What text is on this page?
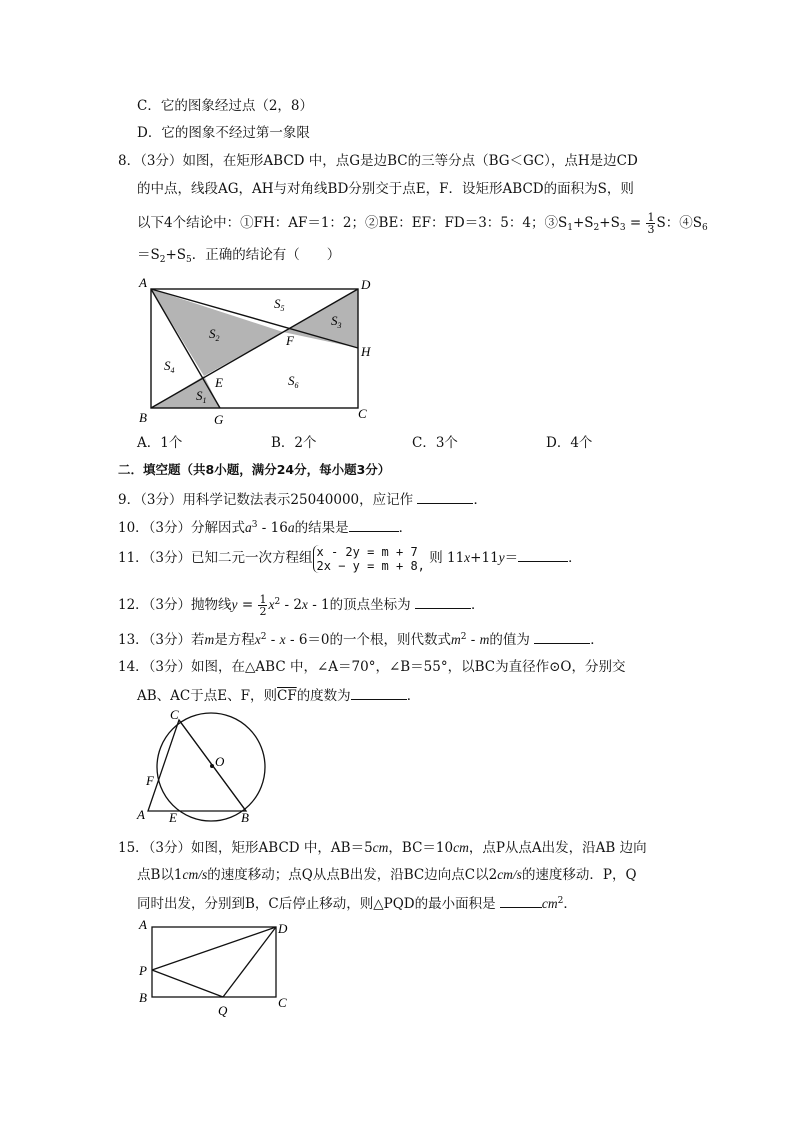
C．它的图象经过点（2，8）
D．它的图象不经过第一象限
8．（3分）如图，在矩形ABCD 中，点G是边BC的三等分点（BG＜GC），点H是边CD
的中点，线段AG，AH与对角线BD分别交于点E，F．设矩形ABCD的面积为S，则
以下4个结论中：①FH：AF＝1：2；②BE：EF：FD＝3：5：4；$③S_1+S_2+S_3 = \frac{1}{3}$ S：$④S_6$
$=S_2+S_5$．正确的结论有（　　）
A	D
B	C
G
H
E
F
$S_1$
$S_2$
$S_3$
$S_4$
$S_5$
$S_6$
A．1个	B．2个	C．3个	D．4个
二．填空题（共8小题，满分24分，每小题3分）
9．（3分）用科学记数法表示25040000，应记作	．
10．（3分）分解因式$a^3 - 16a$的结果是	．
11．（3分）已知二元一次方程组 x - 2y = m + 7
2x − y = m + 8, 则 11x+11y＝	．
12．（3分）抛物线$y = \frac{1}{2} x^2 - 2x - 1$的顶点坐标为	．
13．（3分）若m是方程$x^2 - x - 6=0$的一个根，则代数式$m^2$ - m的值为	．
14．（3分）如图，在△ABC 中，∠A＝70°，∠B＝55°，以BC为直径作⊙O，分别交
AB、AC于点E、F，则$\overline{CF}$的度数为	．
C
O
F
A E	B
15．（3分）如图，矩形ABCD 中，AB＝5cm，BC＝10cm，点P从点A出发，沿AB 边向
点B以1cm/s的速度移动；点Q从点B出发，沿BC边向点C以2cm/s的速度移动．P，Q
同时出发，分别到B，C后停止移动，则△PQD的最小面积是	$cm^2$．
A	D
P
B	C
Q
